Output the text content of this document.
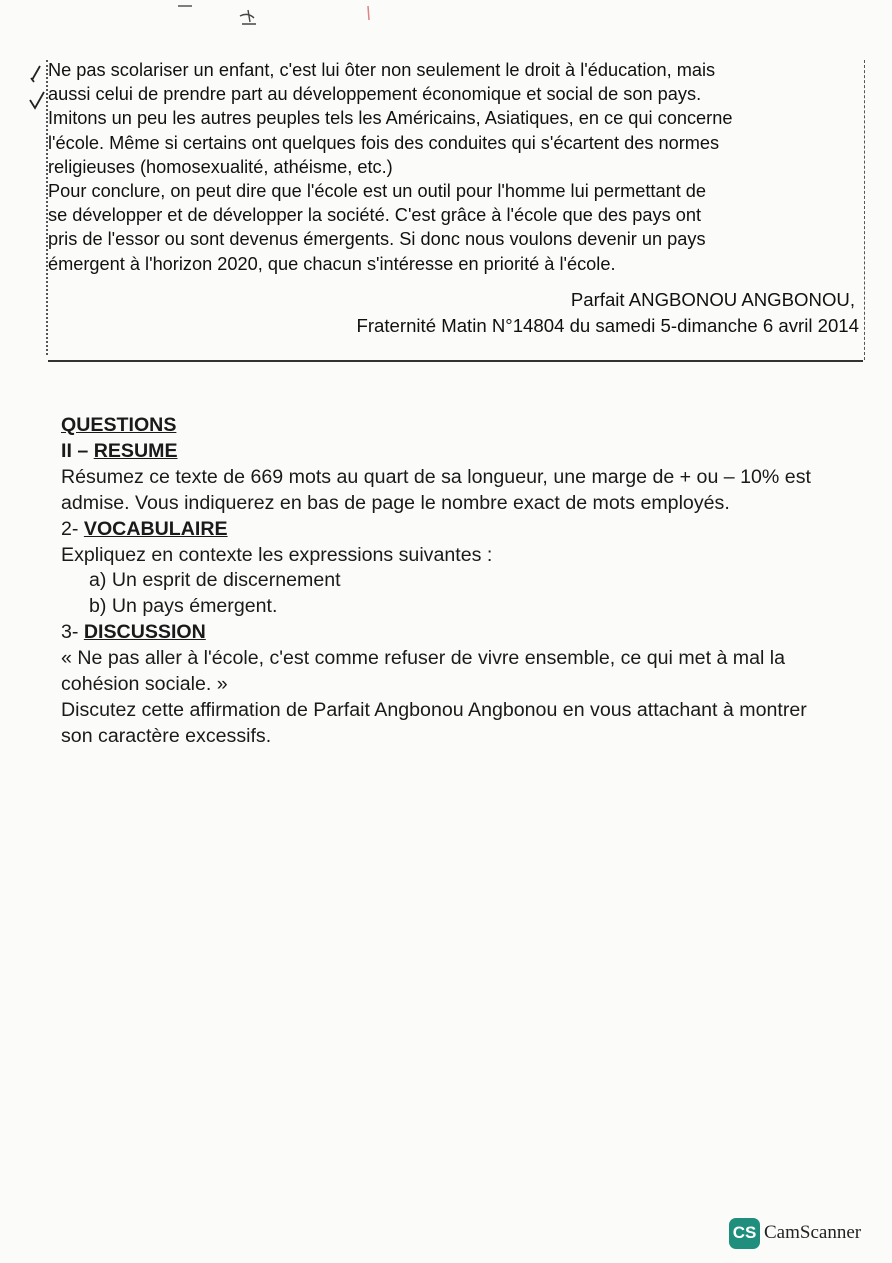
Ne pas scolariser un enfant, c'est lui ôter non seulement le droit à l'éducation, mais
aussi celui de prendre part au développement économique et social de son pays.
Imitons un peu les autres peuples tels les Américains, Asiatiques, en ce qui concerne
l'école. Même si certains ont quelques fois des conduites qui s'écartent des normes
religieuses (homosexualité, athéisme, etc.)
Pour conclure, on peut dire que l'école est un outil pour l'homme lui permettant de
se développer et de développer la société. C'est grâce à l'école que des pays ont
pris de l'essor ou sont devenus émergents. Si donc nous voulons devenir un pays
émergent à l'horizon 2020, que chacun s'intéresse en priorité à l'école.
Parfait ANGBONOU ANGBONOU,
Fraternité Matin N°14804 du samedi 5-dimanche 6 avril 2014

QUESTIONS

II – RESUME

Résumez ce texte de 669 mots au quart de sa longueur, une marge de + ou – 10% est admise. Vous indiquerez en bas de page le nombre exact de mots employés.

2- VOCABULAIRE

Expliquez en contexte les expressions suivantes :

a) Un esprit de discernement

b) Un pays émergent.

3- DISCUSSION

« Ne pas aller à l'école, c'est comme refuser de vivre ensemble, ce qui met à mal la cohésion sociale. »

Discutez cette affirmation de Parfait Angbonou Angbonou en vous attachant à montrer son caractère excessifs.

CS CamScanner
